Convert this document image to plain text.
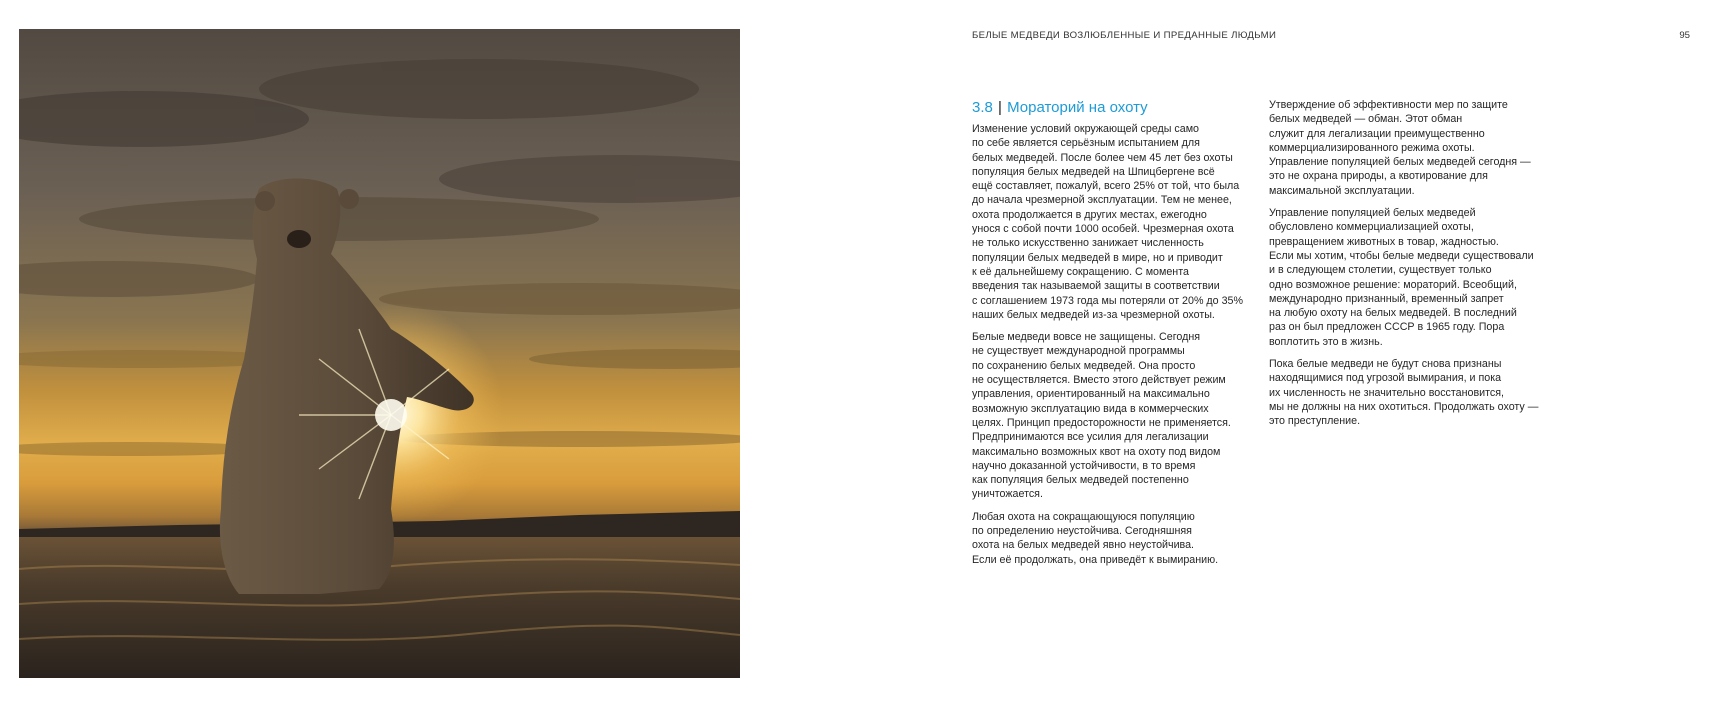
БЕЛЫЕ МЕДВЕДИ ВОЗЛЮБЛЕННЫЕ И ПРЕДАННЫЕ ЛЮДЬМИ	95
3.8 | Мораторий на охоту
Изменение условий окружающей среды само
по себе является серьёзным испытанием для
белых медведей. После более чем 45 лет без охоты
популяция белых медведей на Шпицбергене всё
ещё составляет, пожалуй, всего 25% от той, что была
до начала чрезмерной эксплуатации. Тем не менее,
охота продолжается в других местах, ежегодно
унося с собой почти 1000 особей. Чрезмерная охота
не только искусственно занижает численность
популяции белых медведей в мире, но и приводит
к её дальнейшему сокращению. С момента
введения так называемой защиты в соответствии
с соглашением 1973 года мы потеряли от 20% до 35%
наших белых медведей из-за чрезмерной охоты.
Белые медведи вовсе не защищены. Сегодня
не существует международной программы
по сохранению белых медведей. Она просто
не осуществляется. Вместо этого действует режим
управления, ориентированный на максимально
возможную эксплуатацию вида в коммерческих
целях. Принцип предосторожности не применяется.
Предпринимаются все усилия для легализации
максимально возможных квот на охоту под видом
научно доказанной устойчивости, в то время
как популяция белых медведей постепенно
уничтожается.
Любая охота на сокращающуюся популяцию
по определению неустойчива. Сегодняшняя
охота на белых медведей явно неустойчива.
Если её продолжать, она приведёт к вымиранию.
Утверждение об эффективности мер по защите
белых медведей — обман. Этот обман
служит для легализации преимущественно
коммерциализированного режима охоты.
Управление популяцией белых медведей сегодня —
это не охрана природы, а квотирование для
максимальной эксплуатации.
Управление популяцией белых медведей
обусловлено коммерциализацией охоты,
превращением животных в товар, жадностью.
Если мы хотим, чтобы белые медведи существовали
и в следующем столетии, существует только
одно возможное решение: мораторий. Всеобщий,
международно признанный, временный запрет
на любую охоту на белых медведей. В последний
раз он был предложен СССР в 1965 году. Пора
воплотить это в жизнь.
Пока белые медведи не будут снова признаны
находящимися под угрозой вымирания, и пока
их численность не значительно восстановится,
мы не должны на них охотиться. Продолжать охоту —
это преступление.
